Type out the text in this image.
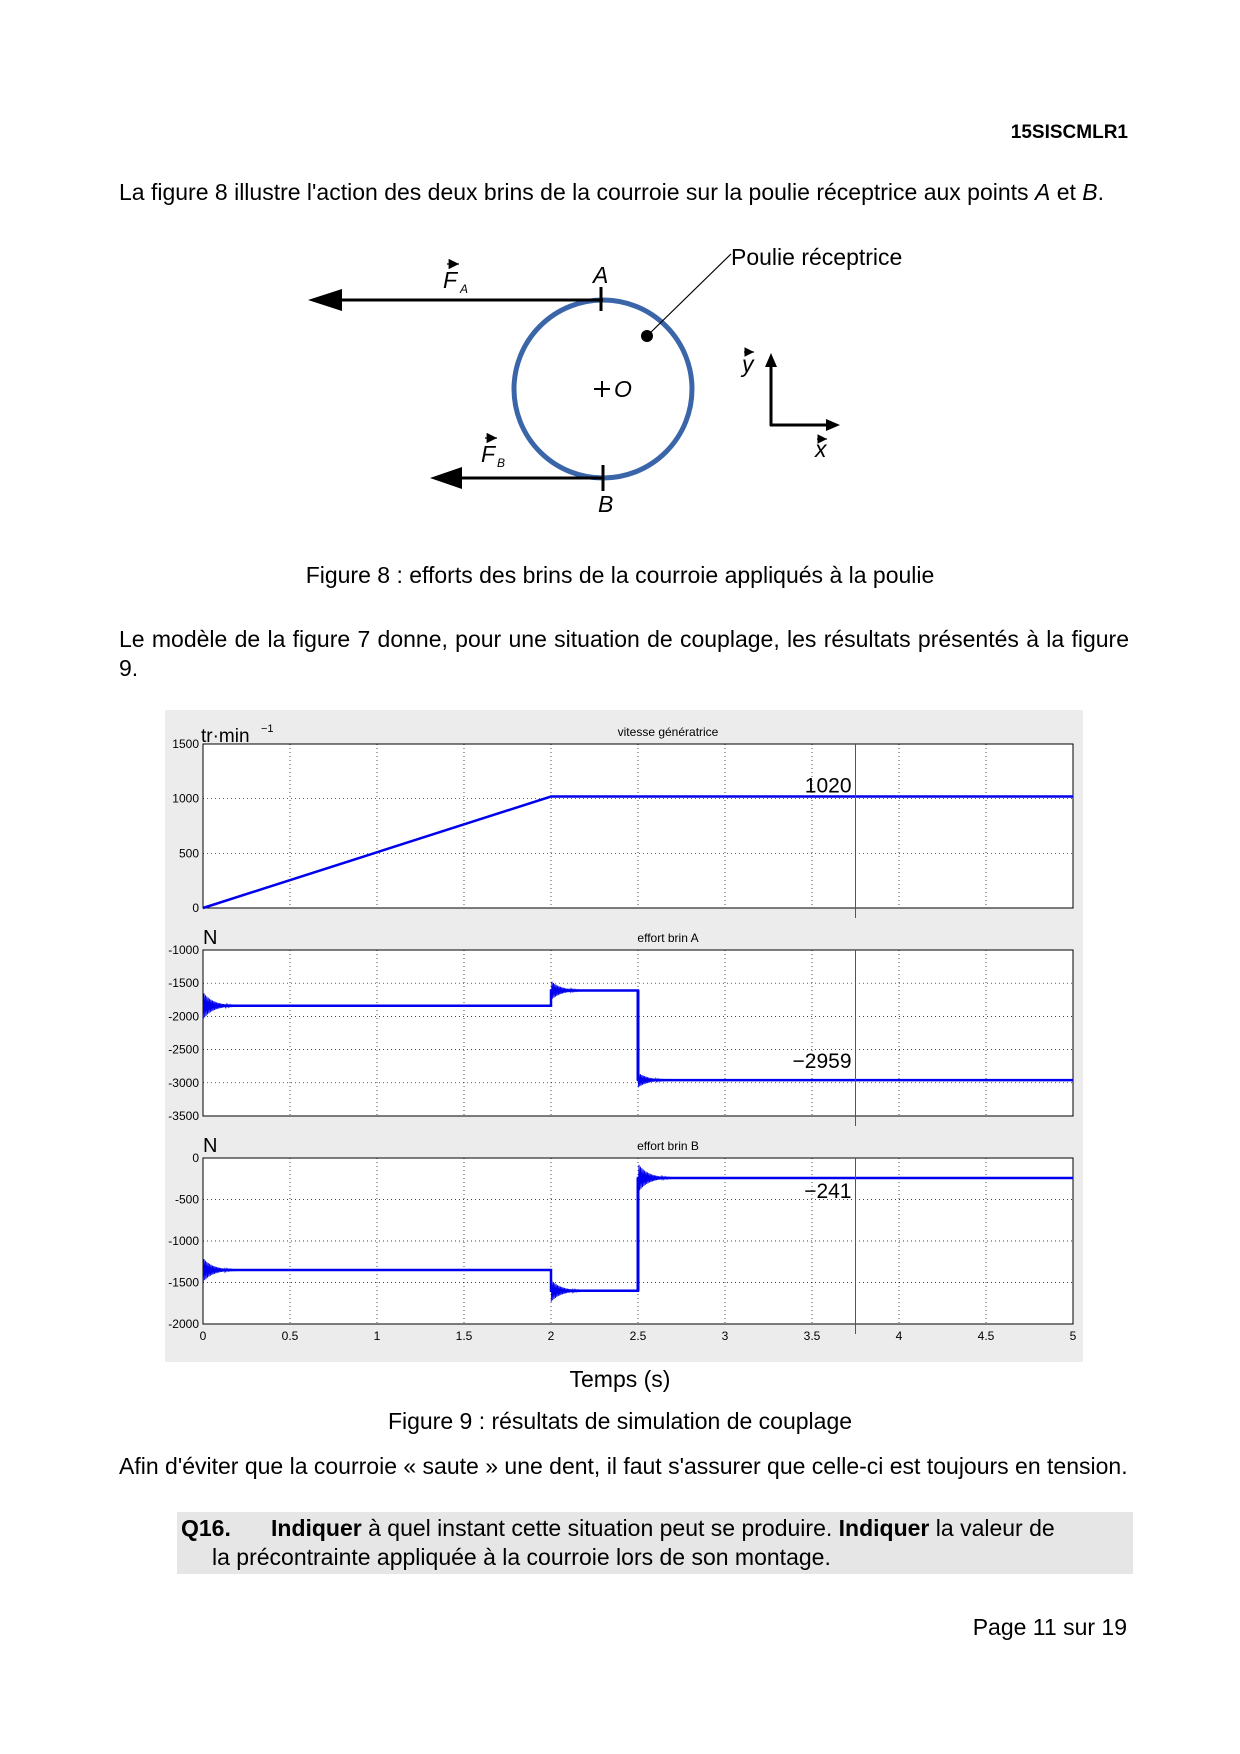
15SISCMLR1
La figure 8 illustre l'action des deux brins de la courroie sur la poulie réceptrice aux points A et B.
O
A
F A
B
F B
Poulie réceptrice
y
x
Figure 8 : efforts des brins de la courroie appliqués à la poulie
Le modèle de la figure 7 donne, pour une situation de couplage, les résultats présentés à la figure 9.
0
500
1000
1500
vitesse génératrice
tr·min −1
1020
-3500
-3000
-2500
-2000
-1500
-1000
effort brin A
N
−2959
-2000
-1500
-1000
-500
0
effort brin B
N
−241
0	0.5	1	1.5	2	2.5	3	3.5	4	4.5	5
Temps (s)
Figure 9 : résultats de simulation de couplage
Afin d'éviter que la courroie « saute » une dent, il faut s'assurer que celle-ci est toujours en tension.
Q16. Indiquer à quel instant cette situation peut se produire. Indiquer la valeur de
la précontrainte appliquée à la courroie lors de son montage.
Page 11 sur 19
